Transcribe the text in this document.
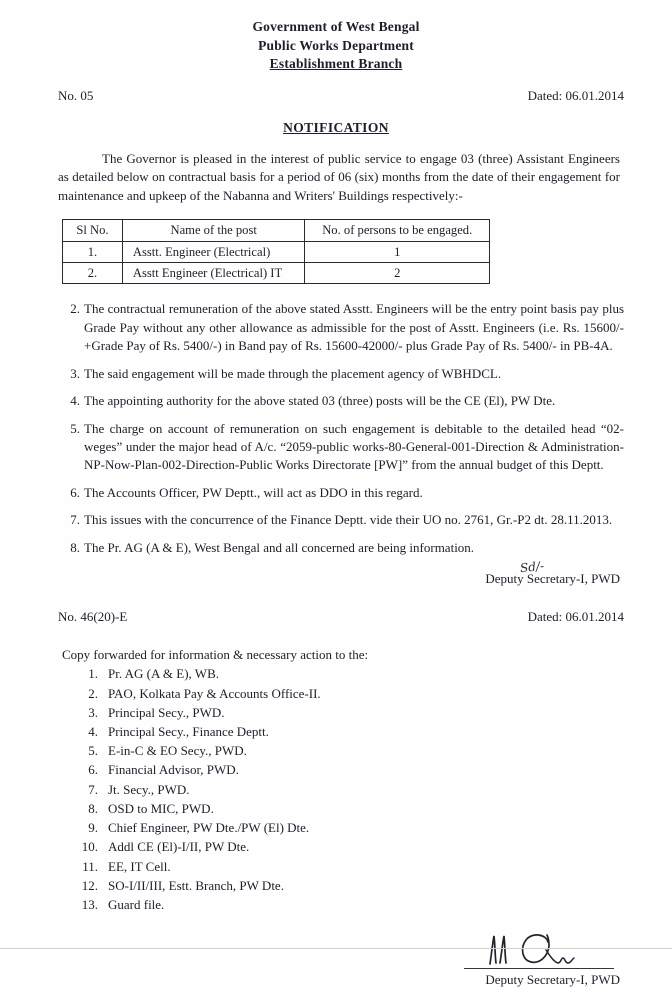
Government of West Bengal
Public Works Department
Establishment Branch
No. 05	Dated: 06.01.2014
NOTIFICATION
The Governor is pleased in the interest of public service to engage 03 (three) Assistant Engineers as detailed below on contractual basis for a period of 06 (six) months from the date of their engagement for maintenance and upkeep of the Nabanna and Writers' Buildings respectively:-
Sl No.	Name of the post	No. of persons to be engaged.
1.	Asstt. Engineer (Electrical)	1
2.	Asstt Engineer (Electrical) IT	2
2. The contractual remuneration of the above stated Asstt. Engineers will be the entry point basis pay plus Grade Pay without any other allowance as admissible for the post of Asstt. Engineers (i.e. Rs. 15600/-+Grade Pay of Rs. 5400/-) in Band pay of Rs. 15600-42000/- plus Grade Pay of Rs. 5400/- in PB-4A.
3. The said engagement will be made through the placement agency of WBHDCL.
4. The appointing authority for the above stated 03 (three) posts will be the CE (El), PW Dte.
5. The charge on account of remuneration on such engagement is debitable to the detailed head “02-weges” under the major head of A/c. “2059-public works-80-General-001-Direction & Administration-NP-Now-Plan-002-Direction-Public Works Directorate [PW]” from the annual budget of this Deptt.
6. The Accounts Officer, PW Deptt., will act as DDO in this regard.
7. This issues with the concurrence of the Finance Deptt. vide their UO no. 2761, Gr.-P2 dt. 28.11.2013.
8. The Pr. AG (A & E), West Bengal and all concerned are being information.
Sd/-
Deputy Secretary-I, PWD
No. 46(20)-E	Dated: 06.01.2014
Copy forwarded for information & necessary action to the:
1. Pr. AG (A & E), WB.
2. PAO, Kolkata Pay & Accounts Office-II.
3. Principal Secy., PWD.
4. Principal Secy., Finance Deptt.
5. E-in-C & EO Secy., PWD.
6. Financial Advisor, PWD.
7. Jt. Secy., PWD.
8. OSD to MIC, PWD.
9. Chief Engineer, PW Dte./PW (El) Dte.
10. Addl CE (El)-I/II, PW Dte.
11. EE, IT Cell.
12. SO-I/II/III, Estt. Branch, PW Dte.
13. Guard file.
Deputy Secretary-I, PWD
